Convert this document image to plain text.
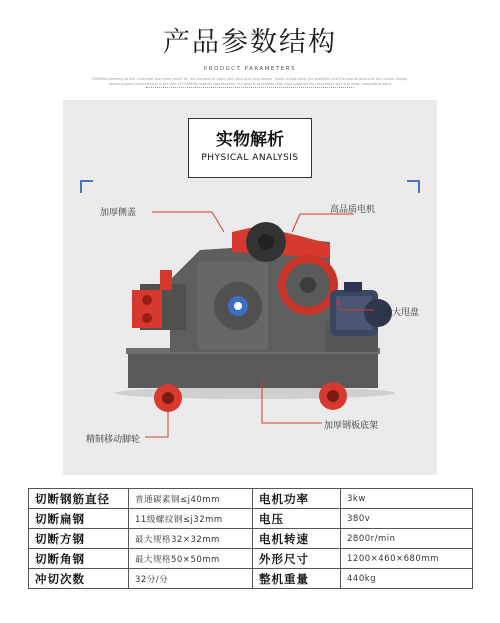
产品参数结构
PRODUCT PARAMETERS
FORMAN adhering to the 'customer use more value' for the purpose of apply with plus dual ring design, make outstanding the aesthetic and the overall layout of the unique design, reaching good achievement in the end of FORMAN product specification, our goal is to provide first-class products by consumers with the most competitive price
实物解析
PHYSICAL ANALYSIS
加厚侧盖	高品质电机
加重大甩盘
加厚钢板底架
精制移动脚轮
切断钢筋直径	普通碳素钢≤j40mm	电机功率	3kw
切断扁钢	11级螺纹钢≤j32mm	电压	380v
切断方钢	最大规格32×32mm	电机转速	2800r/min
切断角钢	最大规格50×50mm	外形尺寸	1200×460×680mm
冲切次数	32分/分	整机重量	440kg
